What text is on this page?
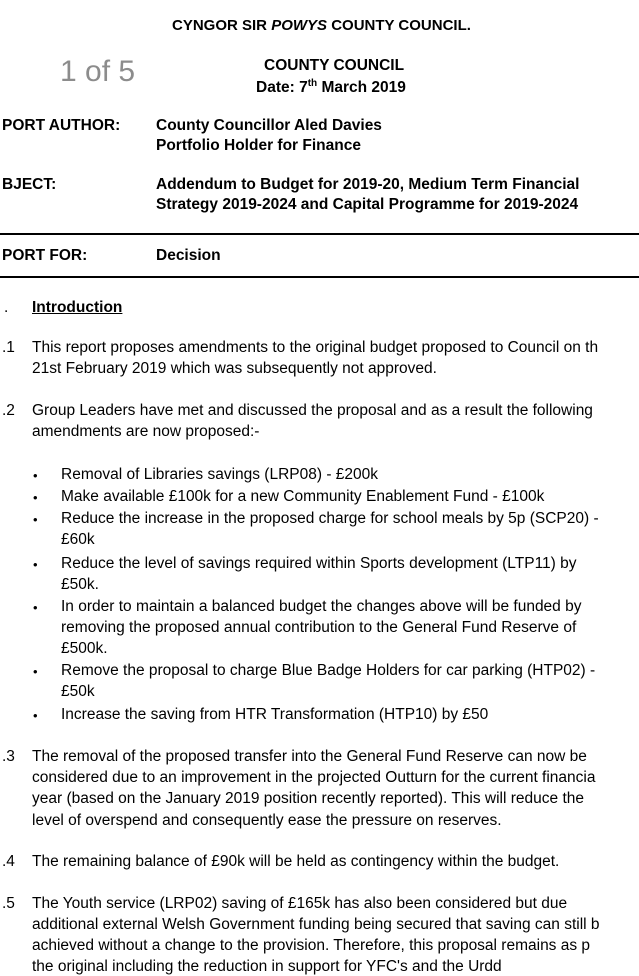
CYNGOR SIR POWYS COUNTY COUNCIL.
1 of 5	COUNTY COUNCIL
Date: 7th March 2019
PORT AUTHOR: County Councillor Aled Davies
Portfolio Holder for Finance
BJECT:	Addendum to Budget for 2019-20, Medium Term Financial
Strategy 2019-2024 and Capital Programme for 2019-2024
PORT FOR:	Decision
. Introduction
.1 This report proposes amendments to the original budget proposed to Council on th
21st February 2019 which was subsequently not approved.
.2 Group Leaders have met and discussed the proposal and as a result the following
amendments are now proposed:-
• Removal of Libraries savings (LRP08) - £200k
• Make available £100k for a new Community Enablement Fund - £100k
• Reduce the increase in the proposed charge for school meals by 5p (SCP20) -
£60k
• Reduce the level of savings required within Sports development (LTP11) by
£50k.
• In order to maintain a balanced budget the changes above will be funded by
removing the proposed annual contribution to the General Fund Reserve of
£500k.
• Remove the proposal to charge Blue Badge Holders for car parking (HTP02) -
£50k
• Increase the saving from HTR Transformation (HTP10) by £50
.3 The removal of the proposed transfer into the General Fund Reserve can now be
considered due to an improvement in the projected Outturn for the current financia
year (based on the January 2019 position recently reported). This will reduce the
level of overspend and consequently ease the pressure on reserves.
.4 The remaining balance of £90k will be held as contingency within the budget.
.5 The Youth service (LRP02) saving of £165k has also been considered but due
additional external Welsh Government funding being secured that saving can still b
achieved without a change to the provision. Therefore, this proposal remains as p
the original including the reduction in support for YFC's and the Urdd
